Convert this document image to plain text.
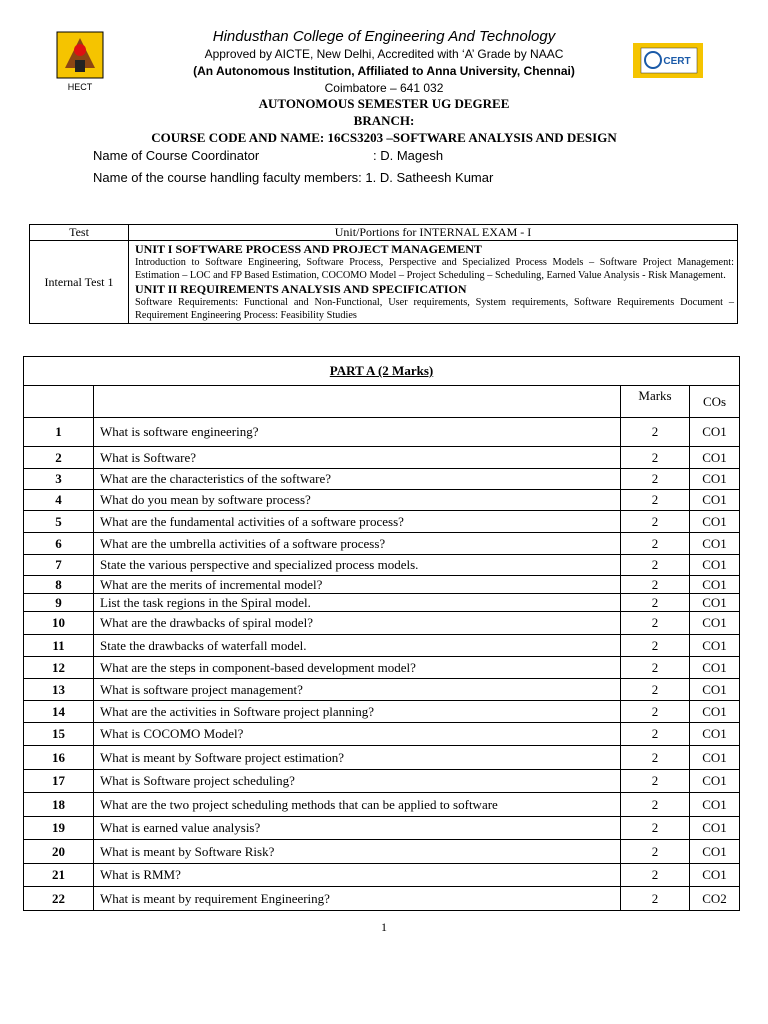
HECT
CERT
Hindusthan College of Engineering And Technology
Approved by AICTE, New Delhi, Accredited with ‘A’ Grade by NAAC
(An Autonomous Institution, Affiliated to Anna University, Chennai)
Coimbatore – 641 032
AUTONOMOUS SEMESTER UG DEGREE
BRANCH:
COURSE CODE AND NAME: 16CS3203 –SOFTWARE ANALYSIS AND DESIGN
Name of Course Coordinator	: D. Magesh
Name of the course handling faculty members: 1. D. Satheesh Kumar
Test	Unit/Portions for INTERNAL EXAM - I
Internal Test 1	UNIT I SOFTWARE PROCESS AND PROJECT MANAGEMENT
Introduction to Software Engineering, Software Process, Perspective and Specialized Process Models – Software Project Management: Estimation – LOC and FP Based Estimation, COCOMO Model – Project Scheduling – Scheduling, Earned Value Analysis - Risk Management.
UNIT II REQUIREMENTS ANALYSIS AND SPECIFICATION
Software Requirements: Functional and Non-Functional, User requirements, System requirements, Software Requirements Document – Requirement Engineering Process: Feasibility Studies
PART A (2 Marks)			
		Marks	COs
1	What is software engineering?	2	CO1
2	What is Software?	2	CO1
3	What are the characteristics of the software?	2	CO1
4	What do you mean by software process?	2	CO1
5	What are the fundamental activities of a software process?	2	CO1
6	What are the umbrella activities of a software process?	2	CO1
7	State the various perspective and specialized process models.	2	CO1
8	What are the merits of incremental model?	2	CO1
9	List the task regions in the Spiral model.	2	CO1
10	What are the drawbacks of spiral model?	2	CO1
11	State the drawbacks of waterfall model.	2	CO1
12	What are the steps in component-based development model?	2	CO1
13	What is software project management?	2	CO1
14	What are the activities in Software project planning?	2	CO1
15	What is COCOMO Model?	2	CO1
16	What is meant by Software project estimation?	2	CO1
17	What is Software project scheduling?	2	CO1
18	What are the two project scheduling methods that can be applied to software	2	CO1
19	What is earned value analysis?	2	CO1
20	What is meant by Software Risk?	2	CO1
21	What is RMM?	2	CO1
22	What is meant by requirement Engineering?	2	CO2
1
